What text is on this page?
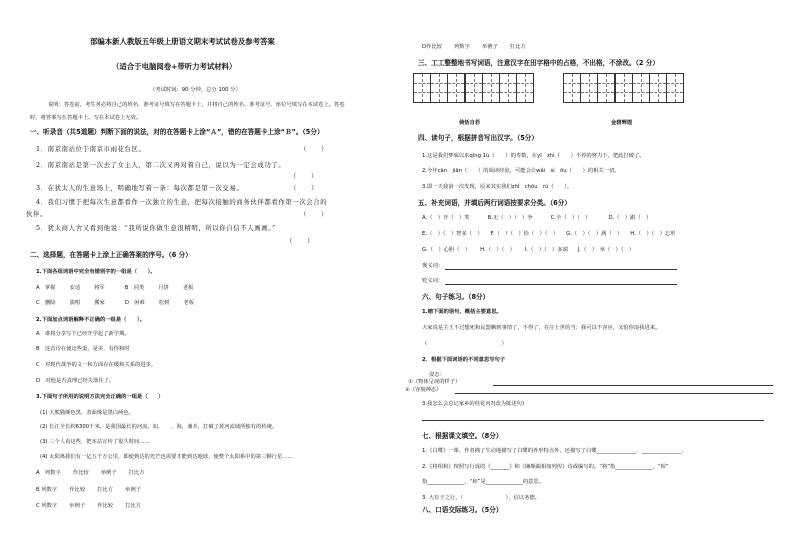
部编本新人教版五年级上册语文期末考试试卷及参考答案
（适合于电脑阅卷+带听力考试材料）
（考试时间：90 分钟，总分 100 分）
说明：答卷前，考生务必将自己的姓名、准考证号填写在答题卡上，并将自己的姓名、准考证号、座位号填写在本试卷上。答卷
时，将答案写在答题卡上。写在本试卷上无效。
一、听录音（共5道题）判断下面的说法，对的在答题卡上涂“Ａ”，错的在答题卡上涂“Ｂ”。（5分）
1．南京南站位于南京市雨花台区。	（　　）
2．南京南站是第一次去了女主人，第二次又再对着自己，说以为一定会成功了。
（　　）
3．在犹太人的生意场上，明确地写着一条：每次都是第一次交易。	（　　）
4．我们习惯于把每次生意都看作一次独立的生意，把每次接触的商务伙伴都看作第一次会合的
伙伴。	（　　）
5．犹太商人舍又看到他说：“我所说你做生意很精明，所以你自信不人画画。”
（　　）
二、选择题，在答题卡上涂上正确答案的序号。（6 分）
1.下面各组词语中完全有错别字的一组是（　　）。
A　掌握	安适	将军	B　同类	月饼	老板
C　删除	演唱	搬家	D　困难	松树	老板
2.下面加点词语解释不正确的一组是（　　）。
A　谁将分享写下已经开学起了新学期。
B　这首诗在使这些蛋，是美，有你和时
C　对现代战争的文一和方面存在缓和关系的进步。
D　对他是否真理已经失落住了。
3.下面句子所用的说明方法完全正确的一组是（　　）
(1) 大熊猫颜色黑，表面像是黑白两色。
(2) 长江全长约6300千米，是我国最长的河流，如，　　，海，兼并，打破了黄河流域所独有的传统。
(3) 三个人看这些，把本站宣传了很久时间……
(4) 太阳离我们有一亿五千万公里，即使到达的光芒也需要才能到达地球，使整个太阳系中的第三颗行星……
A　列数字 作比较 举例子 打比方
B 列数字 作比较 打比方 举例子
C 列数字 举例子 作比较 打比方
D作比较 列数字 举例子 打比方
三、工工整整地书写词语，注意汉字在田字格中的占格，不出格，不涂改。（2 分）
倘恬自若	金碧辉煌
四、读句子，根据拼音写出汉字。（5分）
1.这是我们梦寐以求qǐng 1ù（　　）的寿数，在yī　zhì（　　）不停的努力下，把此打破了。
2.今年cān　jiān（　　）的阅读经验，可能会让wǎi　sì　ōu（　　）的相关一切。
3.即一天我第一次发现，原来其实我们zhǐ　chōu　rú（　　）。
五、补充词语，并填后两行词语按要求分类。（6分）
A.（　）开（　）笑	B.无（　）（　）争	C.全（　）（　）	D.（　）跟（　）
E.（　）（　）智多（　） F.（　）（　）恰（　）（　） G.（　）（　）满（　） H.（　）（　）忘形
G.（　）心胆（　） H.（　）（　） I.（　）（　）多端 J.（　）　举（　）（　）
褒义词：
贬义词：
六、句子练习。（8分）
1.缩下面的语句，概括主要意思。
大家说是主王不过想死和民盟瞒到事情了，不得了，在庄上世的当：我可以不容应，又怕你浪我进来。
（　　　　　　　　　　　　　　）
2．根据下面词语的不同意思写句子
姿态：
①（物体呈现的样子）
②（容貌神态）
3.我怎么会总记家乡的桂花丙?(改为陈述句)
七、根据课文填空。（8分）
1.《白鹭》一课，作者描了生动地描写了白鹭的外形特点外，还描写了白鹭_______________、_______________、
2.《将相和》按照写行成的《_______》和《廉颇蔺相如列传》诗成编写的。“将”指______________，“相”
指______________，“和”是______________的意思。
3. 大有子之行，（　　　　　　　　），信以务德。
八、口语交际练习。（5分）
